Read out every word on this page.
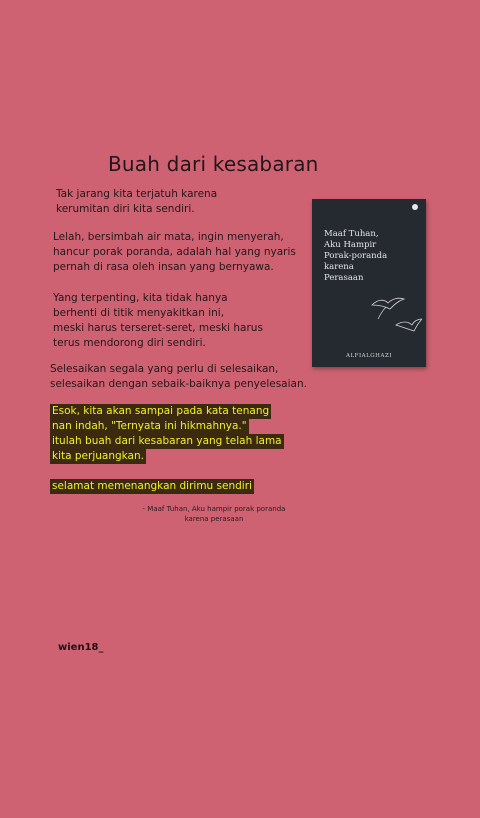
Buah dari kesabaran
Tak jarang kita terjatuh karena
kerumitan diri kita sendiri.
Lelah, bersimbah air mata, ingin menyerah,
hancur porak poranda, adalah hal yang nyaris
pernah di rasa oleh insan yang bernyawa.
Yang terpenting, kita tidak hanya
berhenti di titik menyakitkan ini,
meski harus terseret-seret, meski harus
terus mendorong diri sendiri.
Selesaikan segala yang perlu di selesaikan,
selesaikan dengan sebaik-baiknya penyelesaian.
Esok, kita akan sampai pada kata tenang
nan indah, "Ternyata ini hikmahnya."
itulah buah dari kesabaran yang telah lama
kita perjuangkan.
selamat memenangkan dirimu sendiri
- Maaf Tuhan, Aku hampir porak poranda
karena perasaan
Maaf Tuhan,
Aku Hampir
Porak-poranda
karena
Perasaan
ALFIALGHAZI
wien18_
